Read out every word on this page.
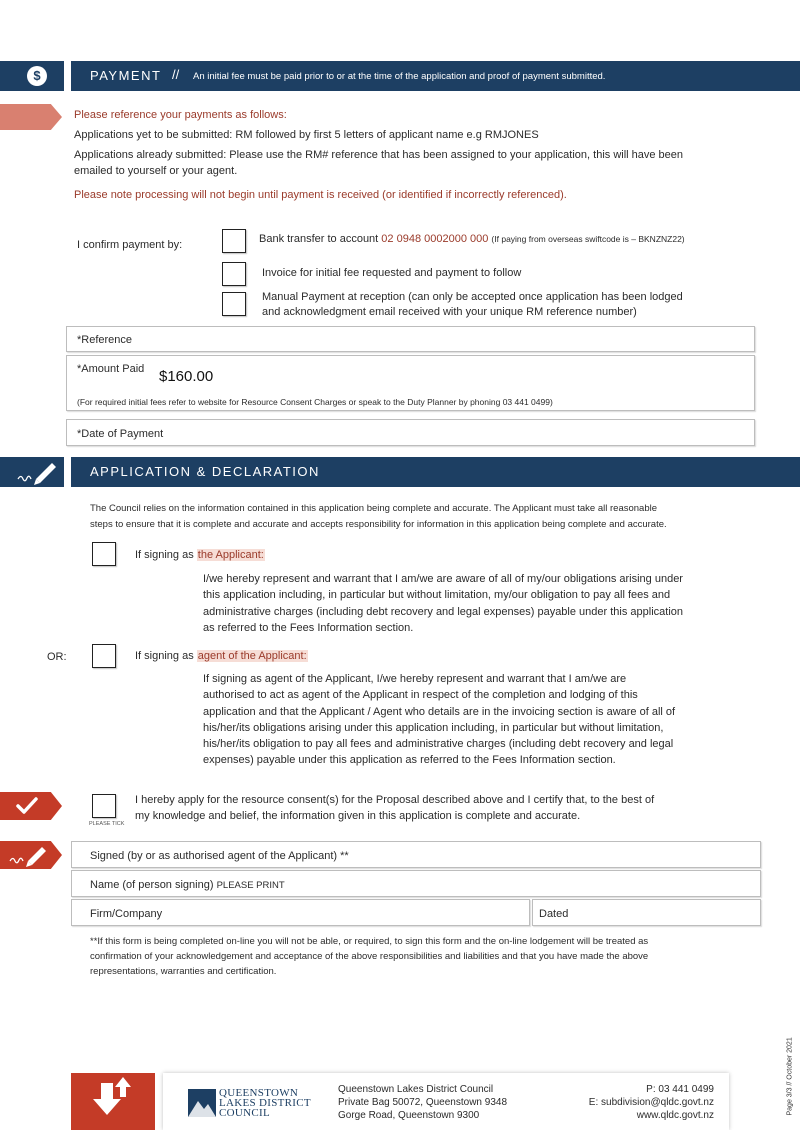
$	PAYMENT // An initial fee must be paid prior to or at the time of the application and proof of payment submitted.
Please reference your payments as follows:
Applications yet to be submitted: RM followed by first 5 letters of applicant name e.g RMJONES
Applications already submitted: Please use the RM# reference that has been assigned to your application, this will have been
emailed to yourself or your agent.
Please note processing will not begin until payment is received (or identified if incorrectly referenced).
I confirm payment by:	Bank transfer to account 02 0948 0002000 000 (If paying from overseas swiftcode is – BKNZNZ22)
Invoice for initial fee requested and payment to follow
Manual Payment at reception (can only be accepted once application has been lodged
and acknowledgment email received with your unique RM reference number)
*Reference
*Amount Paid $160.00
(For required initial fees refer to website for Resource Consent Charges or speak to the Duty Planner by phoning 03 441 0499)
*Date of Payment
APPLICATION & DECLARATION
The Council relies on the information contained in this application being complete and accurate. The Applicant must take all reasonable
steps to ensure that it is complete and accurate and accepts responsibility for information in this application being complete and accurate.
If signing as the Applicant:
I/we hereby represent and warrant that I am/we are aware of all of my/our obligations arising under
this application including, in particular but without limitation, my/our obligation to pay all fees and
administrative charges (including debt recovery and legal expenses) payable under this application
as referred to the Fees Information section.
OR:	If signing as agent of the Applicant:
If signing as agent of the Applicant, I/we hereby represent and warrant that I am/we are
authorised to act as agent of the Applicant in respect of the completion and lodging of this
application and that the Applicant / Agent who details are in the invoicing section is aware of all of
his/her/its obligations arising under this application including, in particular but without limitation,
his/her/its obligation to pay all fees and administrative charges (including debt recovery and legal
expenses) payable under this application as referred to the Fees Information section.
PLEASE TICK
I hereby apply for the resource consent(s) for the Proposal described above and I certify that, to the best of
my knowledge and belief, the information given in this application is complete and accurate.
Signed (by or as authorised agent of the Applicant) **
Name (of person signing) PLEASE PRINT
Firm/Company	Dated
**If this form is being completed on-line you will not be able, or required, to sign this form and the on-line lodgement will be treated as
confirmation of your acknowledgement and acceptance of the above responsibilities and liabilities and that you have made the above
representations, warranties and certification.
Page 3/3 // October 2021
QUEENSTOWN
LAKES DISTRICT
COUNCIL
Queenstown Lakes District Council
Private Bag 50072, Queenstown 9348
Gorge Road, Queenstown 9300
P: 03 441 0499
E: subdivision@qldc.govt.nz
www.qldc.govt.nz
